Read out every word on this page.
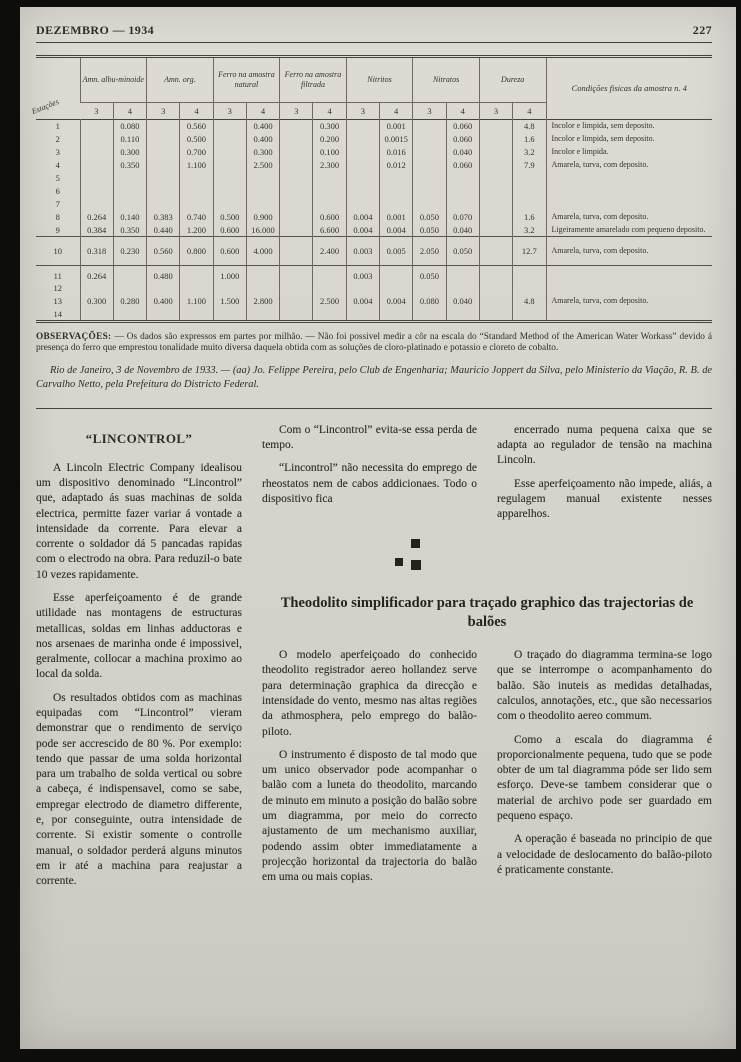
DEZEMBRO — 1934	227
Estações	Amn. albu-minoide		Amn. org.		Ferro na amostra natural		Ferro na amostra filtrada		Nitritos		Nitratos		Dureza		Condições fisicas da amostra n. 4
	3	4	3	4	3	4	3	4	3	4	3	4	3	4	
1		0.080		0.560		0.400		0.300		0.001		0.060		4.8	Incolor e limpida, sem deposito.
2		0.110		0.500		0.400		0.200		0.0015		0.060		1.6	Incolor e limpida, sem deposito.
3		0.300		0.700		0.300		0.100		0.016		0.040		3.2	Incolor e limpida.
4		0.350		1.100		2.500		2.300		0.012		0.060		7.9	Amarela, turva, com deposito.
5															
6															
7															
8	0.264	0.140	0.383	0.740	0.500	0.900		0.600	0.004	0.001	0.050	0.070		1.6	Amarela, turva, com deposito.
9	0.384	0.350	0.440	1.200	0.600	16.000		6.600	0.004	0.004	0.050	0.040		3.2	Ligeiramente amarelado com pequeno deposito.
10	0.318	0.230	0.560	0.800	0.600	4.000		2.400	0.003	0.005	2.050	0.050		12.7	Amarela, turva, com deposito.
11	0.264		0.480		1.000				0.003		0.050				
12															
13	0.300	0.280	0.400	1.100	1.500	2.800		2.500	0.004	0.004	0.080	0.040		4.8	Amarela, turva, com deposito.
14															

OBSERVAÇÕES: — Os dados são expressos em partes por milhão. — Não foi possivel medir a côr na escala do “Standard Method of the American Water Workass” devido á presença do ferro que emprestou tonalidade muito diversa daquela obtida com as soluções de cloro-platinado e potassio e cloreto de cobalto.

Rio de Janeiro, 3 de Novembro de 1933. — (aa) Jo. Felippe Pereira, pelo Club de Engenharia; Mauricio Joppert da Silva, pelo Ministerio da Viação, R. B. de Carvalho Netto, pela Prefeitura do Districto Federal.

“LINCONTROL”

A Lincoln Electric Company idealisou um dispositivo denominado “Lincontrol” que, adaptado ás suas machinas de solda electrica, permitte fazer variar á vontade a intensidade da corrente. Para elevar a corrente o soldador dá 5 pancadas rapidas com o electrodo na obra. Para reduzil-o bate 10 vezes rapidamente.

Esse aperfeiçoamento é de grande utilidade nas montagens de estructuras metallicas, soldas em linhas adductoras e nos arsenaes de marinha onde é impossivel, geralmente, collocar a machina proximo ao local da solda.

Os resultados obtidos com as machinas equipadas com “Lincontrol” vieram demonstrar que o rendimento de serviço pode ser accrescido de 80 %. Por exemplo: tendo que passar de uma solda horizontal para um trabalho de solda vertical ou sobre a cabeça, é indispensavel, como se sabe, empregar electrodo de diametro differente, e, por conseguinte, outra intensidade de corrente. Si existir somente o controlle manual, o soldador perderá alguns minutos em ir até a machina para reajustar a corrente.

Com o “Lincontrol” evita-se essa perda de tempo.

“Lincontrol” não necessita do emprego de rheostatos nem de cabos addicionaes. Todo o dispositivo fica

encerrado numa pequena caixa que se adapta ao regulador de tensão na machina Lincoln.

Esse aperfeiçoamento não impede, aliás, a regulagem manual existente nesses apparelhos.

Theodolito simplificador para traçado graphico das trajectorias de balões

O modelo aperfeiçoado do conhecido theodolito registrador aereo hollandez serve para determinação graphica da direcção e intensidade do vento, mesmo nas altas regiões da athmosphera, pelo emprego do balão-piloto.

O instrumento é disposto de tal modo que um unico observador pode acompanhar o balão com a luneta do theodolito, marcando de minuto em minuto a posição do balão sobre um diagramma, por meio do correcto ajustamento de um mechanismo auxiliar, podendo assim obter immediatamente a projecção horizontal da trajectoria do balão em uma ou mais copias.

O traçado do diagramma termina-se logo que se interrompe o acompanhamento do balão. São inuteis as medidas detalhadas, calculos, annotações, etc., que são necessarios com o theodolito aereo commum.

Como a escala do diagramma é proporcionalmente pequena, tudo que se pode obter de um tal diagramma póde ser lido sem esforço. Deve-se tambem considerar que o material de archivo pode ser guardado em pequeno espaço.

A operação é baseada no principio de que a velocidade de deslocamento do balão-piloto é praticamente constante.
